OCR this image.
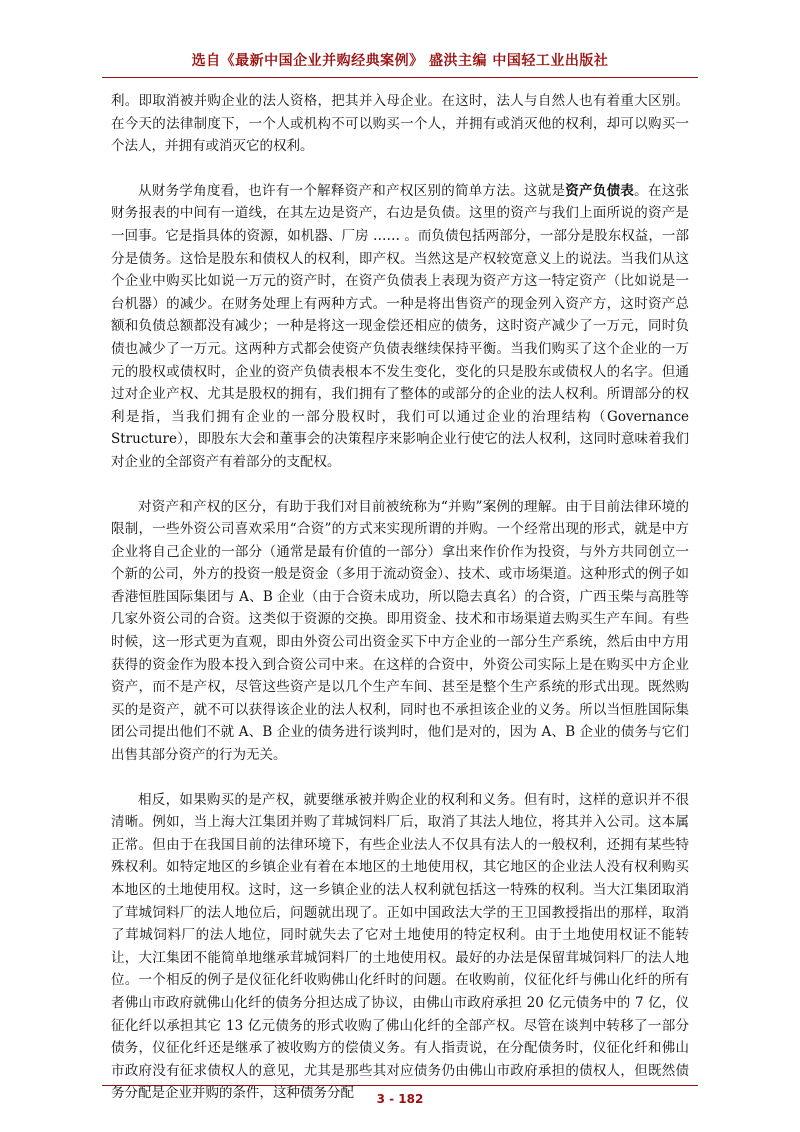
选自《最新中国企业并购经典案例》 盛洪主编 中国轻工业出版社

利。即取消被并购企业的法人资格，把其并入母企业。在这时，法人与自然人也有着重大区别。在今天的法律制度下，一个人或机构不可以购买一个人，并拥有或消灭他的权利，却可以购买一个法人，并拥有或消灭它的权利。

从财务学角度看，也许有一个解释资产和产权区别的简单方法。这就是资产负债表。在这张财务报表的中间有一道线，在其左边是资产，右边是负债。这里的资产与我们上面所说的资产是一回事。它是指具体的资源，如机器、厂房 …… 。而负债包括两部分，一部分是股东权益，一部分是债务。这恰是股东和债权人的权利，即产权。当然这是产权较宽意义上的说法。当我们从这个企业中购买比如说一万元的资产时，在资产负债表上表现为资产方这一特定资产（比如说是一台机器）的减少。在财务处理上有两种方式。一种是将出售资产的现金列入资产方，这时资产总额和负债总额都没有减少；一种是将这一现金偿还相应的债务，这时资产减少了一万元，同时负债也减少了一万元。这两种方式都会使资产负债表继续保持平衡。当我们购买了这个企业的一万元的股权或债权时，企业的资产负债表根本不发生变化，变化的只是股东或债权人的名字。但通过对企业产权、尤其是股权的拥有，我们拥有了整体的或部分的企业的法人权利。所谓部分的权利是指，当我们拥有企业的一部分股权时，我们可以通过企业的治理结构（Governance Structure），即股东大会和董事会的决策程序来影响企业行使它的法人权利，这同时意味着我们对企业的全部资产有着部分的支配权。

对资产和产权的区分，有助于我们对目前被统称为“并购”案例的理解。由于目前法律环境的限制，一些外资公司喜欢采用“合资”的方式来实现所谓的并购。一个经常出现的形式，就是中方企业将自己企业的一部分（通常是最有价值的一部分）拿出来作价作为投资，与外方共同创立一个新的公司，外方的投资一般是资金（多用于流动资金）、技术、或市场渠道。这种形式的例子如香港恒胜国际集团与 A、B 企业（由于合资未成功，所以隐去真名）的合资，广西玉柴与高胜等几家外资公司的合资。这类似于资源的交换。即用资金、技术和市场渠道去购买生产车间。有些时候，这一形式更为直观，即由外资公司出资金买下中方企业的一部分生产系统，然后由中方用获得的资金作为股本投入到合资公司中来。在这样的合资中，外资公司实际上是在购买中方企业资产，而不是产权，尽管这些资产是以几个生产车间、甚至是整个生产系统的形式出现。既然购买的是资产，就不可以获得该企业的法人权利，同时也不承担该企业的义务。所以当恒胜国际集团公司提出他们不就 A、B 企业的债务进行谈判时，他们是对的，因为 A、B 企业的债务与它们出售其部分资产的行为无关。

相反，如果购买的是产权，就要继承被并购企业的权利和义务。但有时，这样的意识并不很清晰。例如，当上海大江集团并购了茸城饲料厂后，取消了其法人地位，将其并入公司。这本属正常。但由于在我国目前的法律环境下，有些企业法人不仅具有法人的一般权利，还拥有某些特殊权利。如特定地区的乡镇企业有着在本地区的土地使用权，其它地区的企业法人没有权利购买本地区的土地使用权。这时，这一乡镇企业的法人权利就包括这一特殊的权利。当大江集团取消了茸城饲料厂的法人地位后，问题就出现了。正如中国政法大学的王卫国教授指出的那样，取消了茸城饲料厂的法人地位，同时就失去了它对土地使用的特定权利。由于土地使用权证不能转让，大江集团不能简单地继承茸城饲料厂的土地使用权。最好的办法是保留茸城饲料厂的法人地位。一个相反的例子是仪征化纤收购佛山化纤时的问题。在收购前，仪征化纤与佛山化纤的所有者佛山市政府就佛山化纤的债务分担达成了协议，由佛山市政府承担 20 亿元债务中的 7 亿，仪征化纤以承担其它 13 亿元债务的形式收购了佛山化纤的全部产权。尽管在谈判中转移了一部分债务，仪征化纤还是继承了被收购方的偿债义务。有人指责说，在分配债务时，仪征化纤和佛山市政府没有征求债权人的意见，尤其是那些其对应债务仍由佛山市政府承担的债权人，但既然债务分配是企业并购的条件，这种债务分配	3 - 182
